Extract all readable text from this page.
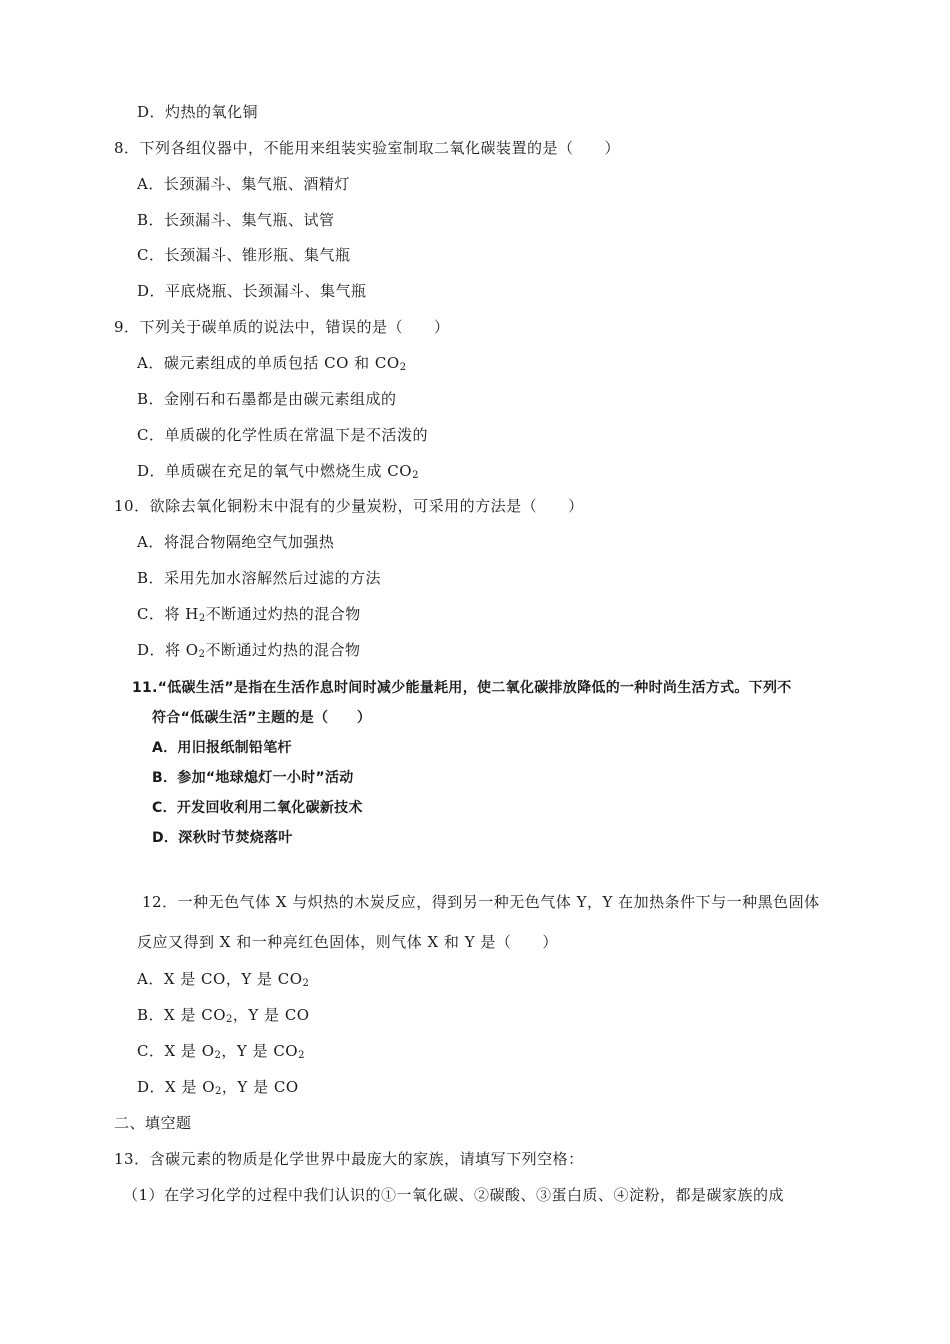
D．灼热的氧化铜
8．下列各组仪器中，不能用来组装实验室制取二氧化碳装置的是（　　）
A．长颈漏斗、集气瓶、酒精灯
B．长颈漏斗、集气瓶、试管
C．长颈漏斗、锥形瓶、集气瓶
D．平底烧瓶、长颈漏斗、集气瓶
9．下列关于碳单质的说法中，错误的是（　　）
A．碳元素组成的单质包括 CO 和 $CO_2$
B．金刚石和石墨都是由碳元素组成的
C．单质碳的化学性质在常温下是不活泼的
D．单质碳在充足的氧气中燃烧生成 $CO_2$
10．欲除去氧化铜粉末中混有的少量炭粉，可采用的方法是（　　）
A．将混合物隔绝空气加强热
B．采用先加水溶解然后过滤的方法
C．将 $H_2$不断通过灼热的混合物
D．将 $O_2$不断通过灼热的混合物
11.“低碳生活”是指在生活作息时间时减少能量耗用，使二氧化碳排放降低的一种时尚生活方式。下列不
符合“低碳生活”主题的是（　　）
A．用旧报纸制铅笔杆
B．参加“地球熄灯一小时”活动
C．开发回收利用二氧化碳新技术
D．深秋时节焚烧落叶
12．一种无色气体 X 与炽热的木炭反应，得到另一种无色气体 Y，Y 在加热条件下与一种黑色固体
反应又得到 X 和一种亮红色固体，则气体 X 和 Y 是（　　）
A．X 是 CO，Y 是 $CO_2$
B．X 是 $CO_2$，Y 是 CO
C．X 是 $O_2$，Y 是 $CO_2$
D．X 是 $O_2$，Y 是 CO
二、填空题
13．含碳元素的物质是化学世界中最庞大的家族，请填写下列空格：
（1）在学习化学的过程中我们认识的①一氧化碳、②碳酸、③蛋白质、④淀粉，都是碳家族的成
